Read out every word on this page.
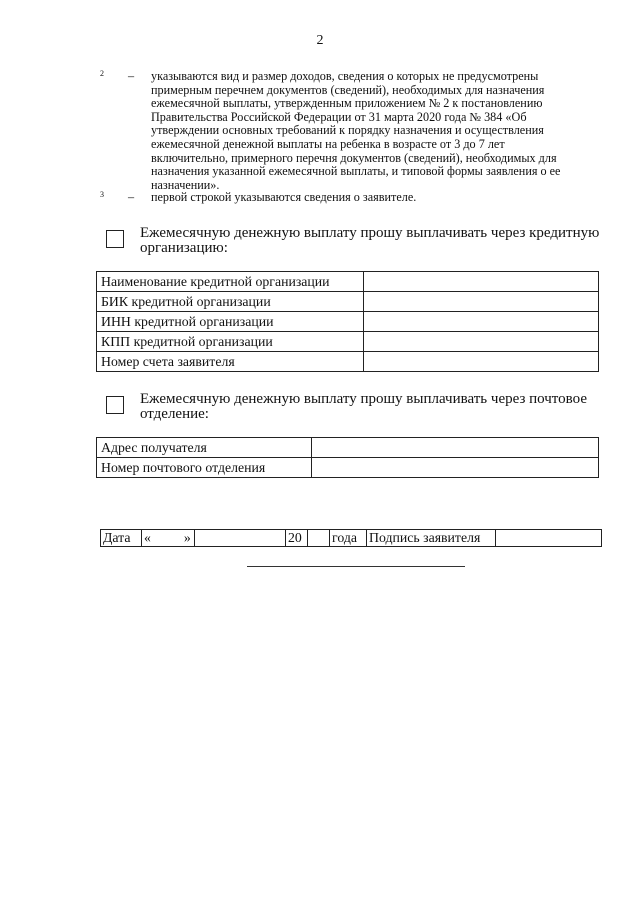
2
2 – указываются вид и размер доходов, сведения о которых не предусмотрены примерным перечнем документов (сведений), необходимых для назначения ежемесячной выплаты, утвержденным приложением № 2 к постановлению Правительства Российской Федерации от 31 марта 2020 года № 384 «Об утверждении основных требований к порядку назначения и осуществления ежемесячной денежной выплаты на ребенка в возрасте от 3 до 7 лет включительно, примерного перечня документов (сведений), необходимых для назначения указанной ежемесячной выплаты, и типовой формы заявления о ее назначении».
3 – первой строкой указываются сведения о заявителе.
Ежемесячную денежную выплату прошу выплачивать через кредитную организацию:
Наименование кредитной организации	
БИК кредитной организации	
ИНН кредитной организации	
КПП кредитной организации	
Номер счета заявителя	
Ежемесячную денежную выплату прошу выплачивать через почтовое отделение:
Адрес получателя	
Номер почтового отделения	
Дата	« »		20		года	Подпись заявителя	
